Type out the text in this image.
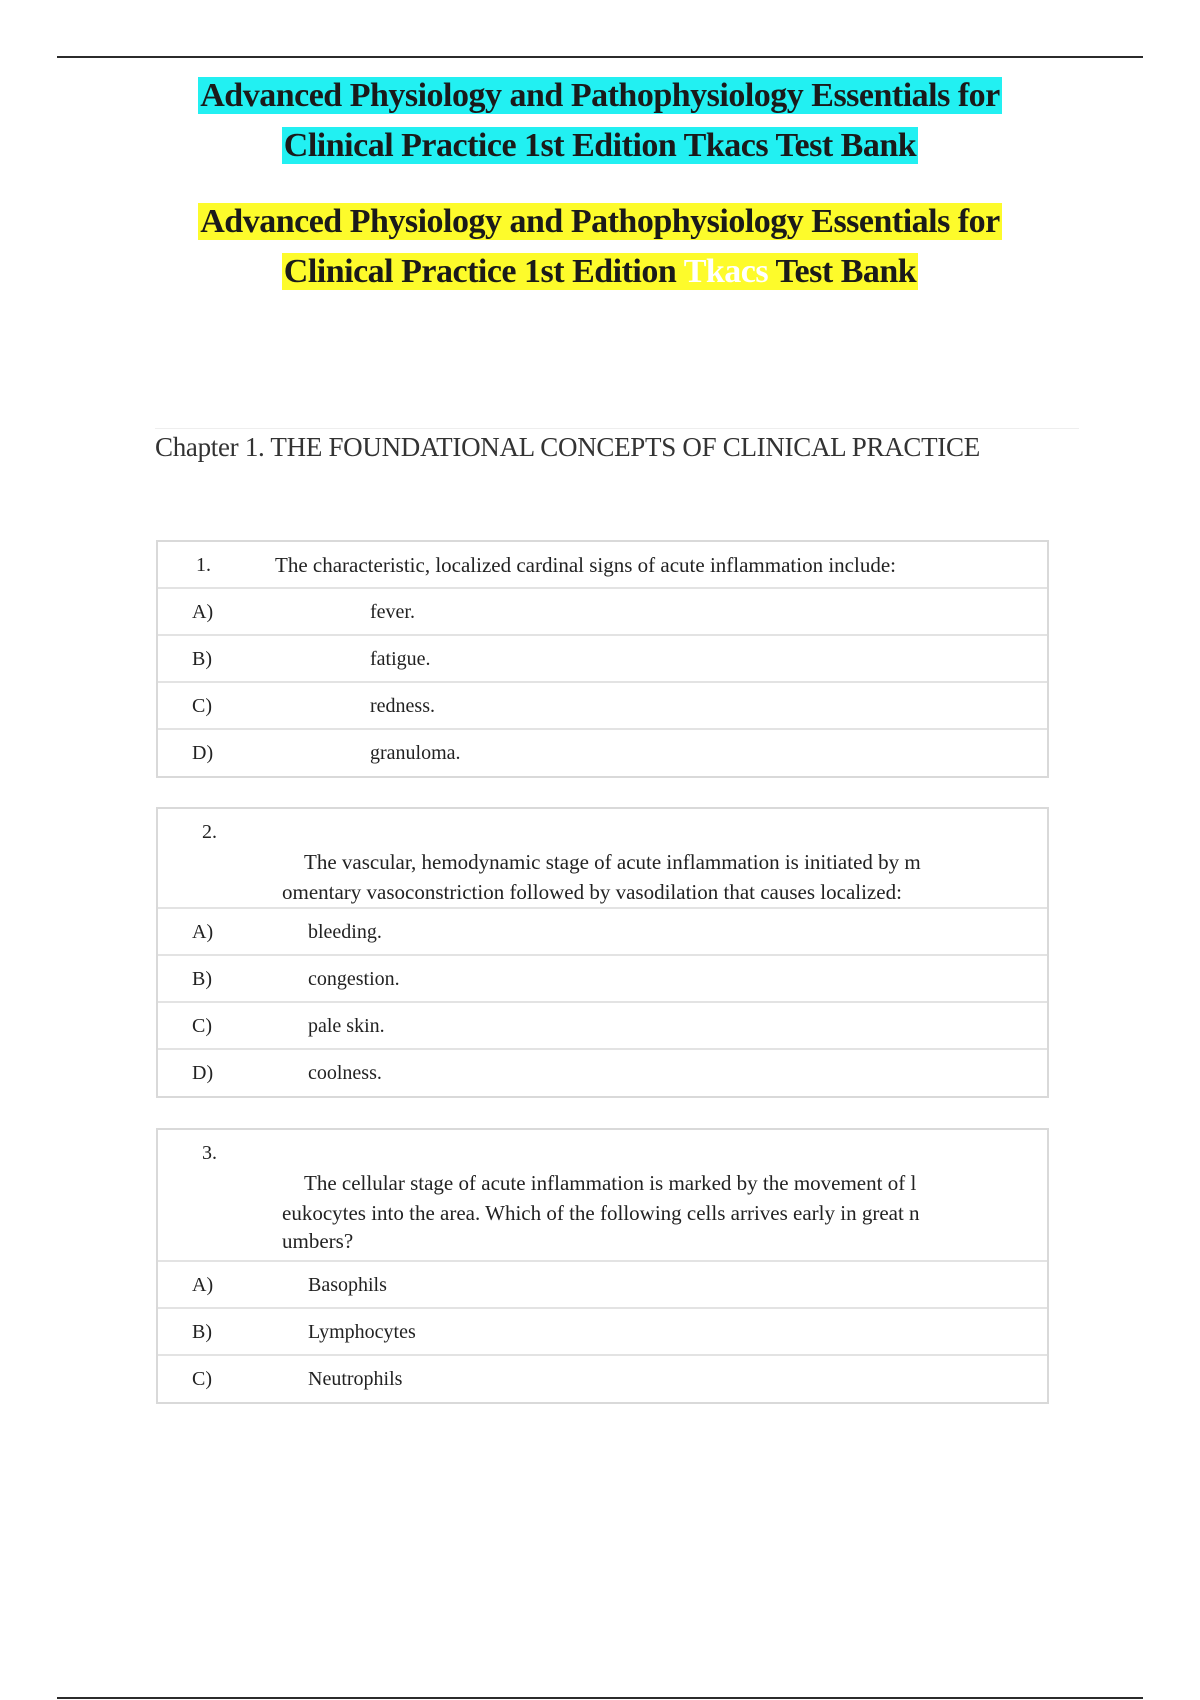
Advanced Physiology and Pathophysiology Essentials for
Clinical Practice 1st Edition Tkacs Test Bank
Advanced Physiology and Pathophysiology Essentials for
Clinical Practice 1st Edition Tkacs Test Bank
Chapter 1. THE FOUNDATIONAL CONCEPTS OF CLINICAL PRACTICE
1.	The characteristic, localized cardinal signs of acute inflammation include:
A)	fever.
B)	fatigue.
C)	redness.
D)	granuloma.
2.
The vascular, hemodynamic stage of acute inflammation is initiated by m
omentary vasoconstriction followed by vasodilation that causes localized:
A)	bleeding.
B)	congestion.
C)	pale skin.
D)	coolness.
3.
The cellular stage of acute inflammation is marked by the movement of l
eukocytes into the area. Which of the following cells arrives early in great n
umbers?
A)	Basophils
B)	Lymphocytes
C)	Neutrophils
